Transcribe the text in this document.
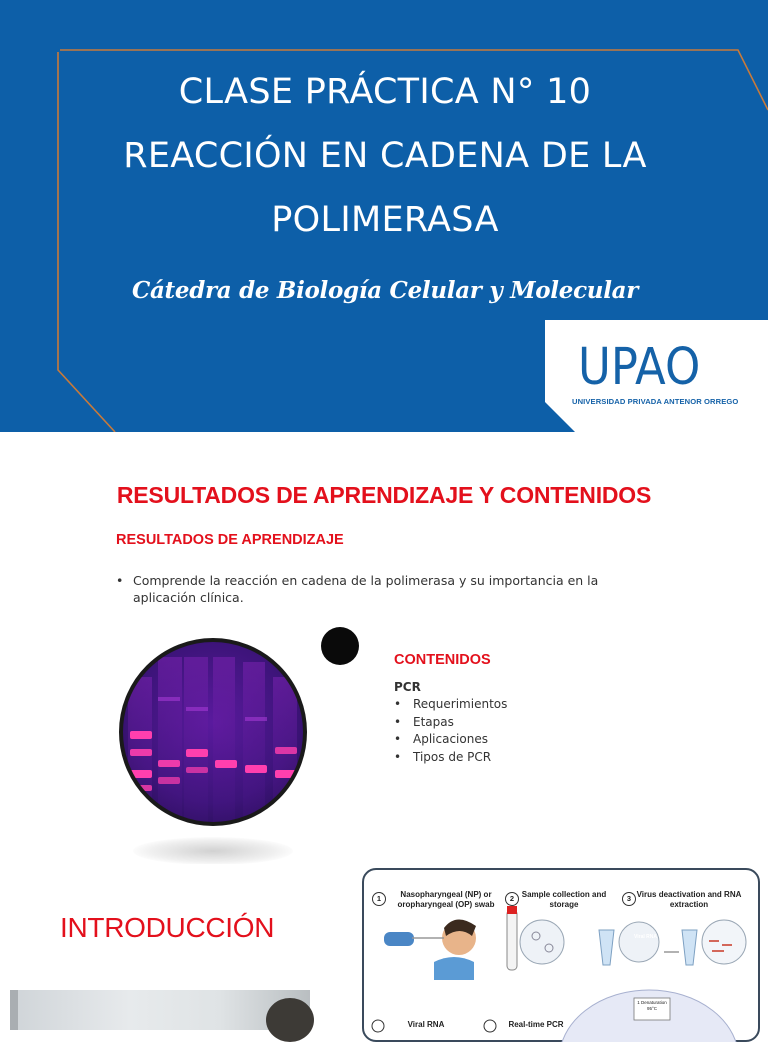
CLASE PRÁCTICA N° 10
REACCIÓN EN CADENA DE LA
POLIMERASA
Cátedra de Biología Celular y Molecular
UPAO
UNIVERSIDAD PRIVADA ANTENOR ORREGO
RESULTADOS DE APRENDIZAJE Y CONTENIDOS
RESULTADOS DE APRENDIZAJE
• Comprende la reacción en cadena de la polimerasa y su importancia en la aplicación clínica.
CONTENIDOS
PCR
• Requerimientos
• Etapas
• Aplicaciones
• Tipos de PCR
INTRODUCCIÓN
1	Nasopharyngeal (NP) or oropharyngeal (OP) swab
2 Sample collection and storage
3 Virus deactivation and RNA extraction
Viral RNA
Viral RNA	Real-time PCR
1 Denaturation 95°C
